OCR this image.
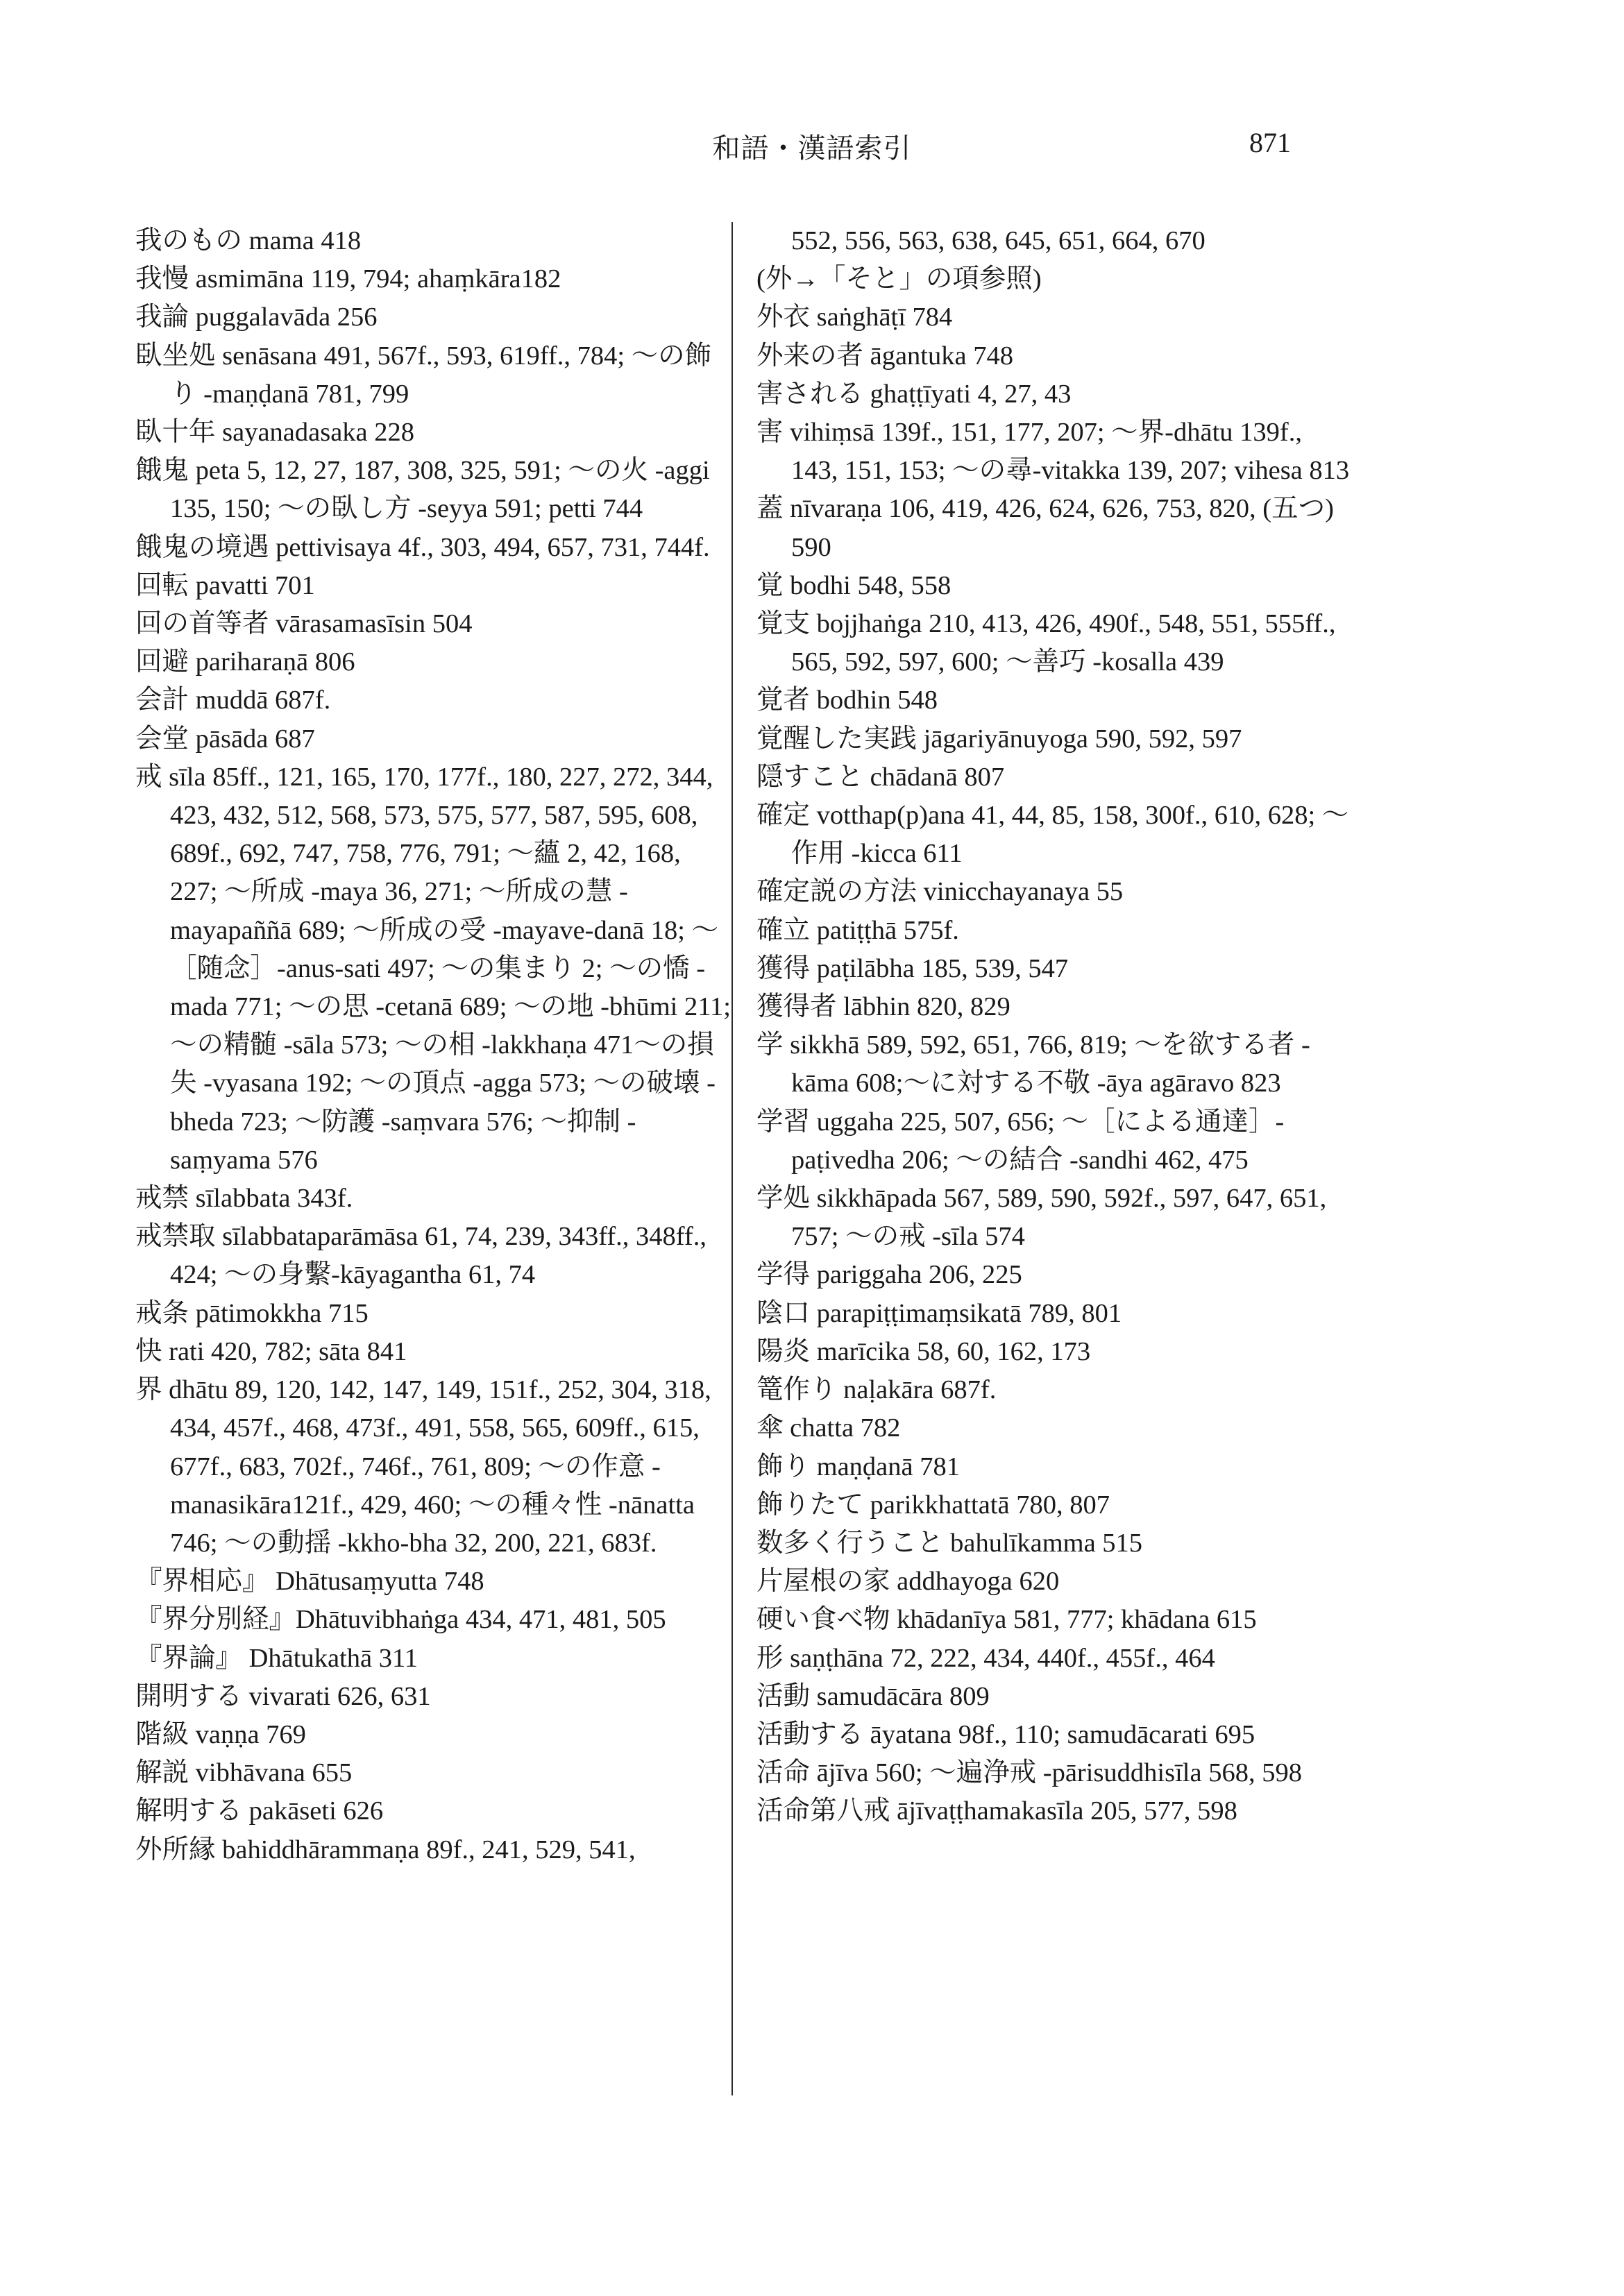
和語・漢語索引	871

我のもの mama 418

我慢 asmimāna 119, 794; ahaṃkāra182

我論 puggalavāda 256

臥坐処 senāsana 491, 567f., 593, 619ff., 784; 〜の飾り -maṇḍanā 781, 799

臥十年 sayanadasaka 228

餓鬼 peta 5, 12, 27, 187, 308, 325, 591; 〜の火 -aggi 135, 150; 〜の臥し方 -seyya 591; petti 744

餓鬼の境遇 pettivisaya 4f., 303, 494, 657, 731, 744f.

回転 pavatti 701

回の首等者 vārasamasīsin 504

回避 pariharaṇā 806

会計 muddā 687f.

会堂 pāsāda 687

戒 sīla 85ff., 121, 165, 170, 177f., 180, 227, 272, 344, 423, 432, 512, 568, 573, 575, 577, 587, 595, 608, 689f., 692, 747, 758, 776, 791; 〜蘊 2, 42, 168, 227; 〜所成 -maya 36, 271; 〜所成の慧 -mayapaññā 689; 〜所成の受 -mayave-danā 18; 〜［随念］-anus-sati 497; 〜の集まり 2; 〜の憍 -mada 771; 〜の思 -cetanā 689; 〜の地 -bhūmi 211; 〜の精髄 -sāla 573; 〜の相 -lakkhaṇa 471〜の損失 -vyasana 192; 〜の頂点 -agga 573; 〜の破壊 -bheda 723; 〜防護 -saṃvara 576; 〜抑制 -saṃyama 576

戒禁 sīlabbata 343f.

戒禁取 sīlabbataparāmāsa 61, 74, 239, 343ff., 348ff., 424; 〜の身繫-kāyagantha 61, 74

戒条 pātimokkha 715

快 rati 420, 782; sāta 841

界 dhātu 89, 120, 142, 147, 149, 151f., 252, 304, 318, 434, 457f., 468, 473f., 491, 558, 565, 609ff., 615, 677f., 683, 702f., 746f., 761, 809; 〜の作意 -manasikāra121f., 429, 460; 〜の種々性 -nānatta 746; 〜の動揺 -kkho-bha 32, 200, 221, 683f.

『界相応』 Dhātusaṃyutta 748

『界分別経』Dhātuvibhaṅga 434, 471, 481, 505

『界論』 Dhātukathā 311

開明する vivarati 626, 631

階級 vaṇṇa 769

解説 vibhāvana 655

解明する pakāseti 626

外所縁 bahiddhārammaṇa 89f., 241, 529, 541,

552, 556, 563, 638, 645, 651, 664, 670

(外→「そと」の項参照)

外衣 saṅghāṭī 784

外来の者 āgantuka 748

害される ghaṭṭīyati 4, 27, 43

害 vihiṃsā 139f., 151, 177, 207; 〜界-dhātu 139f., 143, 151, 153; 〜の尋-vitakka 139, 207; vihesa 813

蓋 nīvaraṇa 106, 419, 426, 624, 626, 753, 820, (五つ) 590

覚 bodhi 548, 558

覚支 bojjhaṅga 210, 413, 426, 490f., 548, 551, 555ff., 565, 592, 597, 600; 〜善巧 -kosalla 439

覚者 bodhin 548

覚醒した実践 jāgariyānuyoga 590, 592, 597

隠すこと chādanā 807

確定 votthap(p)ana 41, 44, 85, 158, 300f., 610, 628; 〜作用 -kicca 611

確定説の方法 vinicchayanaya 55

確立 patiṭṭhā 575f.

獲得 paṭilābha 185, 539, 547

獲得者 lābhin 820, 829

学 sikkhā 589, 592, 651, 766, 819; 〜を欲する者 -kāma 608;〜に対する不敬 -āya agāravo 823

学習 uggaha 225, 507, 656; 〜［による通達］-paṭivedha 206; 〜の結合 -sandhi 462, 475

学処 sikkhāpada 567, 589, 590, 592f., 597, 647, 651, 757; 〜の戒 -sīla 574

学得 pariggaha 206, 225

陰口 parapiṭṭimaṃsikatā 789, 801

陽炎 marīcika 58, 60, 162, 173

篭作り naḷakāra 687f.

傘 chatta 782

飾り maṇḍanā 781

飾りたて parikkhattatā 780, 807

数多く行うこと bahulīkamma 515

片屋根の家 addhayoga 620

硬い食べ物 khādanīya 581, 777; khādana 615

形 saṇṭhāna 72, 222, 434, 440f., 455f., 464

活動 samudācāra 809

活動する āyatana 98f., 110; samudācarati 695

活命 ājīva 560; 〜遍浄戒 -pārisuddhisīla 568, 598

活命第八戒 ājīvaṭṭhamakasīla 205, 577, 598
